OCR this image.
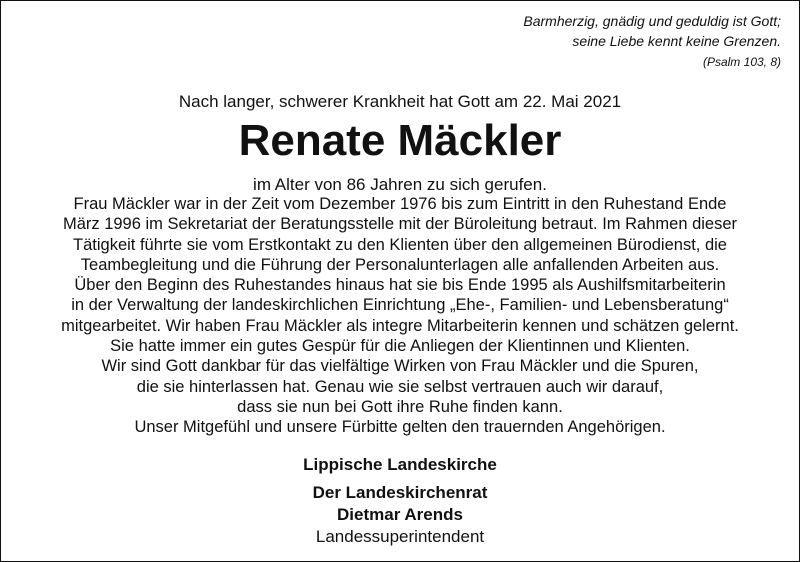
Barmherzig, gnädig und geduldig ist Gott;
seine Liebe kennt keine Grenzen.
(Psalm 103, 8)
Nach langer, schwerer Krankheit hat Gott am 22. Mai 2021
Renate Mäckler
im Alter von 86 Jahren zu sich gerufen.
Frau Mäckler war in der Zeit vom Dezember 1976 bis zum Eintritt in den Ruhestand Ende
März 1996 im Sekretariat der Beratungsstelle mit der Büroleitung betraut. Im Rahmen dieser
Tätigkeit führte sie vom Erstkontakt zu den Klienten über den allgemeinen Bürodienst, die
Teambegleitung und die Führung der Personalunterlagen alle anfallenden Arbeiten aus.
Über den Beginn des Ruhestandes hinaus hat sie bis Ende 1995 als Aushilfsmitarbeiterin
in der Verwaltung der landeskirchlichen Einrichtung „Ehe-, Familien- und Lebensberatung“
mitgearbeitet. Wir haben Frau Mäckler als integre Mitarbeiterin kennen und schätzen gelernt.
Sie hatte immer ein gutes Gespür für die Anliegen der Klientinnen und Klienten.
Wir sind Gott dankbar für das vielfältige Wirken von Frau Mäckler und die Spuren,
die sie hinterlassen hat. Genau wie sie selbst vertrauen auch wir darauf,
dass sie nun bei Gott ihre Ruhe finden kann.
Unser Mitgefühl und unsere Fürbitte gelten den trauernden Angehörigen.
Lippische Landeskirche
Der Landeskirchenrat
Dietmar Arends
Landessuperintendent
